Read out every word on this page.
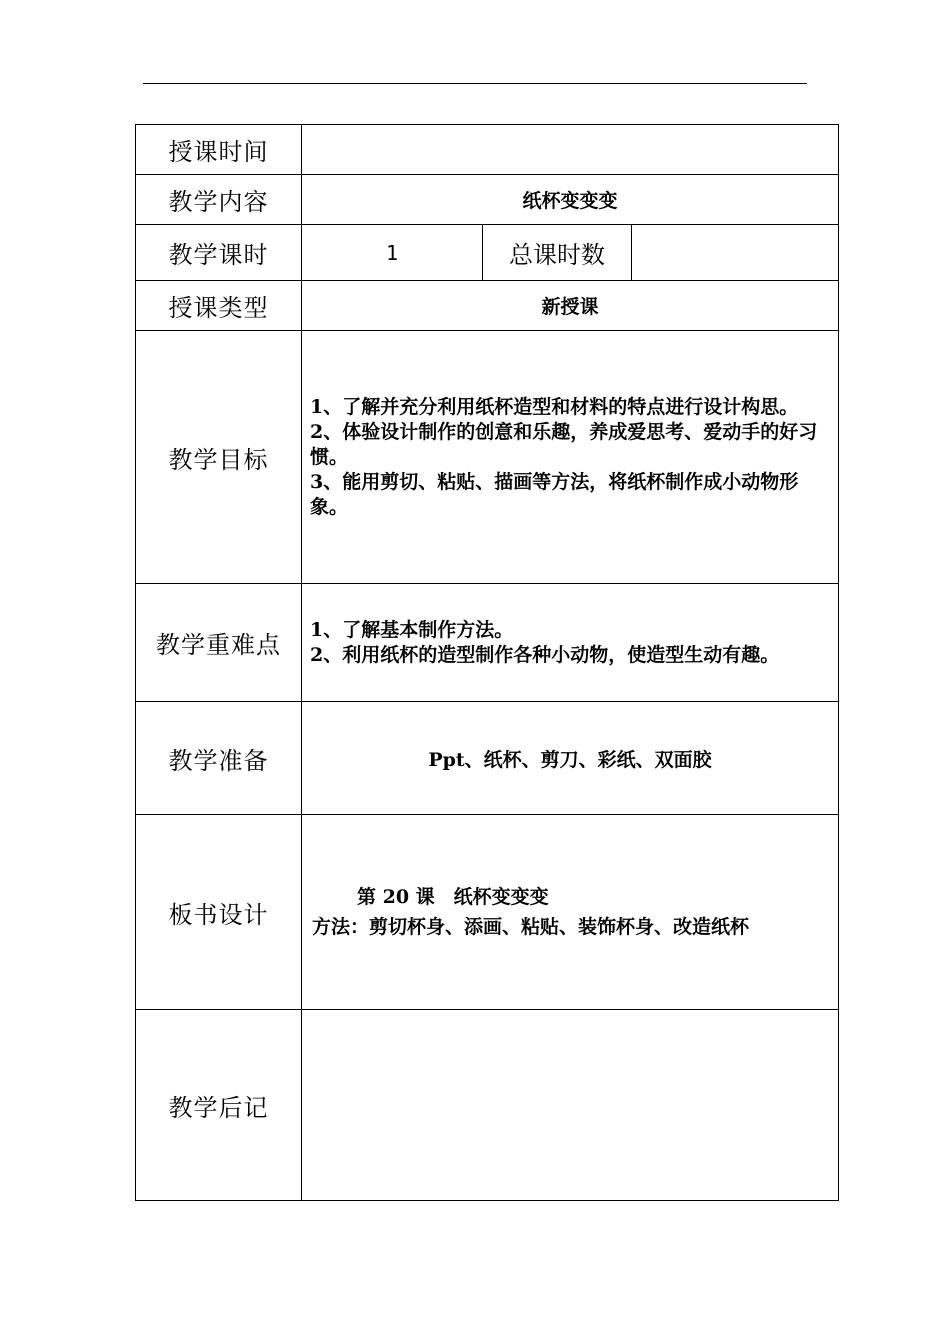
授课时间			
教学内容	纸杯变变变		
教学课时	1	总课时数	
授课类型	新授课		
教学目标	1、了解并充分利用纸杯造型和材料的特点进行设计构思。
2、体验设计制作的创意和乐趣，养成爱思考、爱动手的好习惯。
3、能用剪切、粘贴、描画等方法，将纸杯制作成小动物形象。		

教学重难点	1、了解基本制作方法。
2、利用纸杯的造型制作各种小动物，使造型生动有趣。		

教学准备	Ppt、纸杯、剪刀、彩纸、双面胶		
板书设计	第 20 课　纸杯变变变
方法：剪切杯身、添画、粘贴、装饰杯身、改造纸杯		

教学后记			
